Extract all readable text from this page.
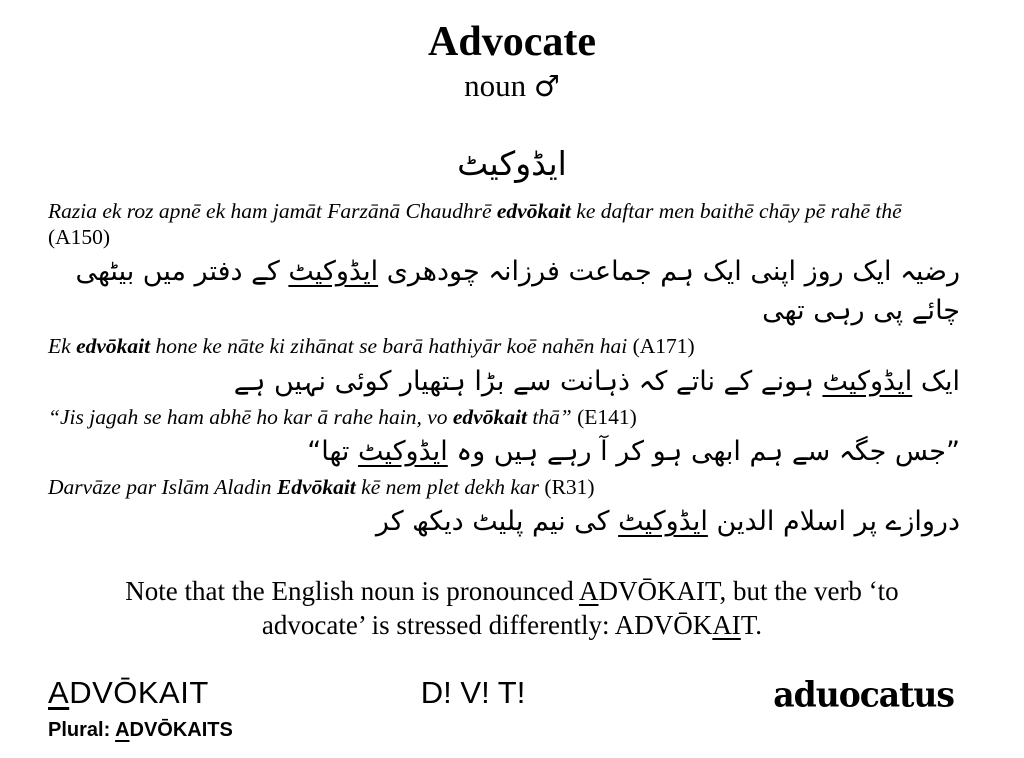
Advocate
noun ♂
ایڈوکیٹ

Razia ek roz apnē ek ham jamāt Farzānā Chaudhrē edvōkait ke daftar men baithē chāy pē rahē thē (A150)

رضیہ ایک روز اپنی ایک ہم جماعت فرزانہ چودھری ایڈوکیٹ کے دفتر میں بیٹھی چائے پی رہی تھی

Ek edvōkait hone ke nāte ki zihānat se barā hathiyār koē nahēn hai (A171)

ایک ایڈوکیٹ ہونے کے ناتے کہ ذہانت سے بڑا ہتھیار کوئی نہیں ہے

“Jis jagah se ham abhē ho kar ā rahe hain, vo edvōkait thā” (E141)

”جس جگہ سے ہم ابھی ہو کر آ رہے ہیں وہ ایڈوکیٹ تھا“

Darvāze par Islām Aladin Edvōkait kē nem plet dekh kar (R31)

دروازے پر اسلام الدین ایڈوکیٹ کی نیم پلیٹ دیکھ کر

Note that the English noun is pronounced ADVŌKAIT, but the verb ‘to advocate’ is stressed differently: ADVŌKAIT.
ADVŌKAIT
Plural: ADVŌKAITS
D! V! T!	aduocatus
